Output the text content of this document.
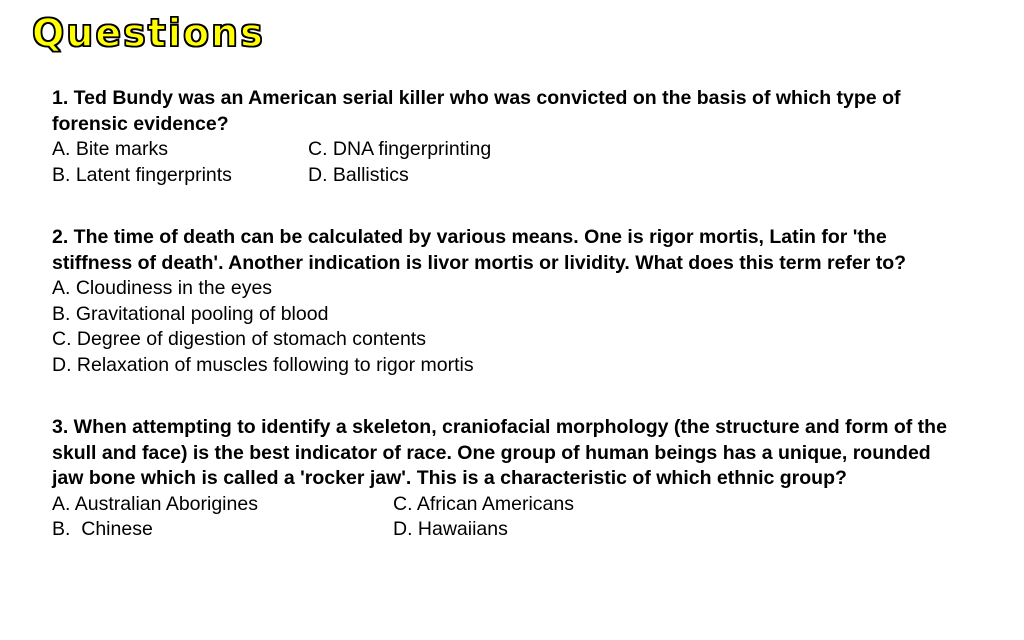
Questions

1. Ted Bundy was an American serial killer who was convicted on the basis of which type of forensic evidence?

A. Bite marks	C. DNA fingerprinting
B. Latent fingerprints	D. Ballistics

2. The time of death can be calculated by various means. One is rigor mortis, Latin for 'the stiffness of death'. Another indication is livor mortis or lividity. What does this term refer to?

A. Cloudiness in the eyes
B. Gravitational pooling of blood
C. Degree of digestion of stomach contents
D. Relaxation of muscles following to rigor mortis

3. When attempting to identify a skeleton, craniofacial morphology (the structure and form of the skull and face) is the best indicator of race. One group of human beings has a unique, rounded jaw bone which is called a 'rocker jaw'. This is a characteristic of which ethnic group?

A. Australian Aborigines	C. African Americans
B.  Chinese	D. Hawaiians
